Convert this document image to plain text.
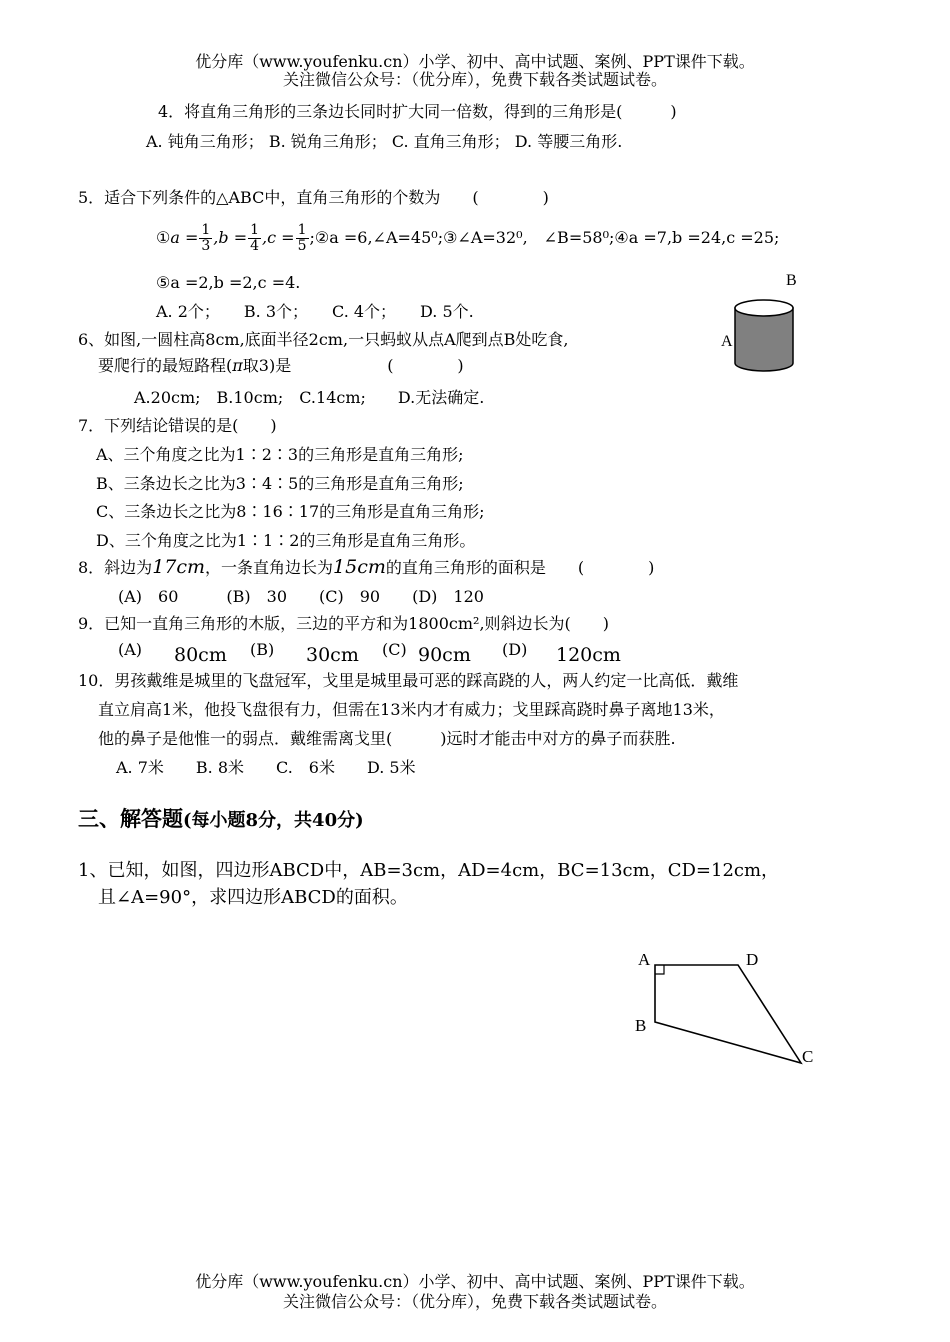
优分库（www.youfenku.cn）小学、初中、高中试题、案例、PPT课件下载。
关注微信公众号：（优分库），免费下载各类试题试卷。
4．将直角三角形的三条边长同时扩大同一倍数，得到的三角形是(　　　)
A. 钝角三角形； B. 锐角三角形； C. 直角三角形； D. 等腰三角形.
5．适合下列条件的△ABC中，直角三角形的个数为　　(　　　　)
①a = $\frac{1}{3} ,b = \frac{1}{4} ,c = \frac{1}{5}$ ;②a =6,∠A=45⁰;③∠A=32⁰,　∠B=58⁰;④a =7,b =24,c =25;
⑤a =2,b =2,c =4.
A. 2个；　　B. 3个；　　C. 4个；　　D. 5个.
6、如图,一圆柱高8cm,底面半径2cm,一只蚂蚁从点A爬到点B处吃食,
要爬行的最短路程(π取3)是　　　　　　(　　　　)
A.20cm;　B.10cm;　C.14cm;　　D.无法确定.
B
A
7．下列结论错误的是(　　)
A、三个角度之比为1∶2∶3的三角形是直角三角形;
B、三条边长之比为3∶4∶5的三角形是直角三角形;
C、三条边长之比为8∶16∶17的三角形是直角三角形;
D、三个角度之比为1∶1∶2的三角形是直角三角形。
8．斜边为17cm，一条直角边长为15cm的直角三角形的面积是　　(　　　　)
(A)　60　　　(B)　30　　(C)　90　　(D)　120
9．已知一直角三角形的木版，三边的平方和为1800cm²,则斜边长为(　　)
(A) 80cm (B) 30cm (C) 90cm (D) 120cm
10．男孩戴维是城里的飞盘冠军，戈里是城里最可恶的踩高跷的人，两人约定一比高低．戴维
直立肩高1米，他投飞盘很有力，但需在13米内才有威力；戈里踩高跷时鼻子离地13米，
他的鼻子是他惟一的弱点．戴维需离戈里(　　　)远时才能击中对方的鼻子而获胜.
A. 7米　　B. 8米　　C.　6米　　D. 5米
三、解答题(每小题8分，共40分)
1、已知，如图，四边形ABCD中，AB=3cm，AD=4cm，BC=13cm，CD=12cm，
且∠A=90°，求四边形ABCD的面积。
A	D
B
C
优分库（www.youfenku.cn）小学、初中、高中试题、案例、PPT课件下载。
关注微信公众号：（优分库），免费下载各类试题试卷。
